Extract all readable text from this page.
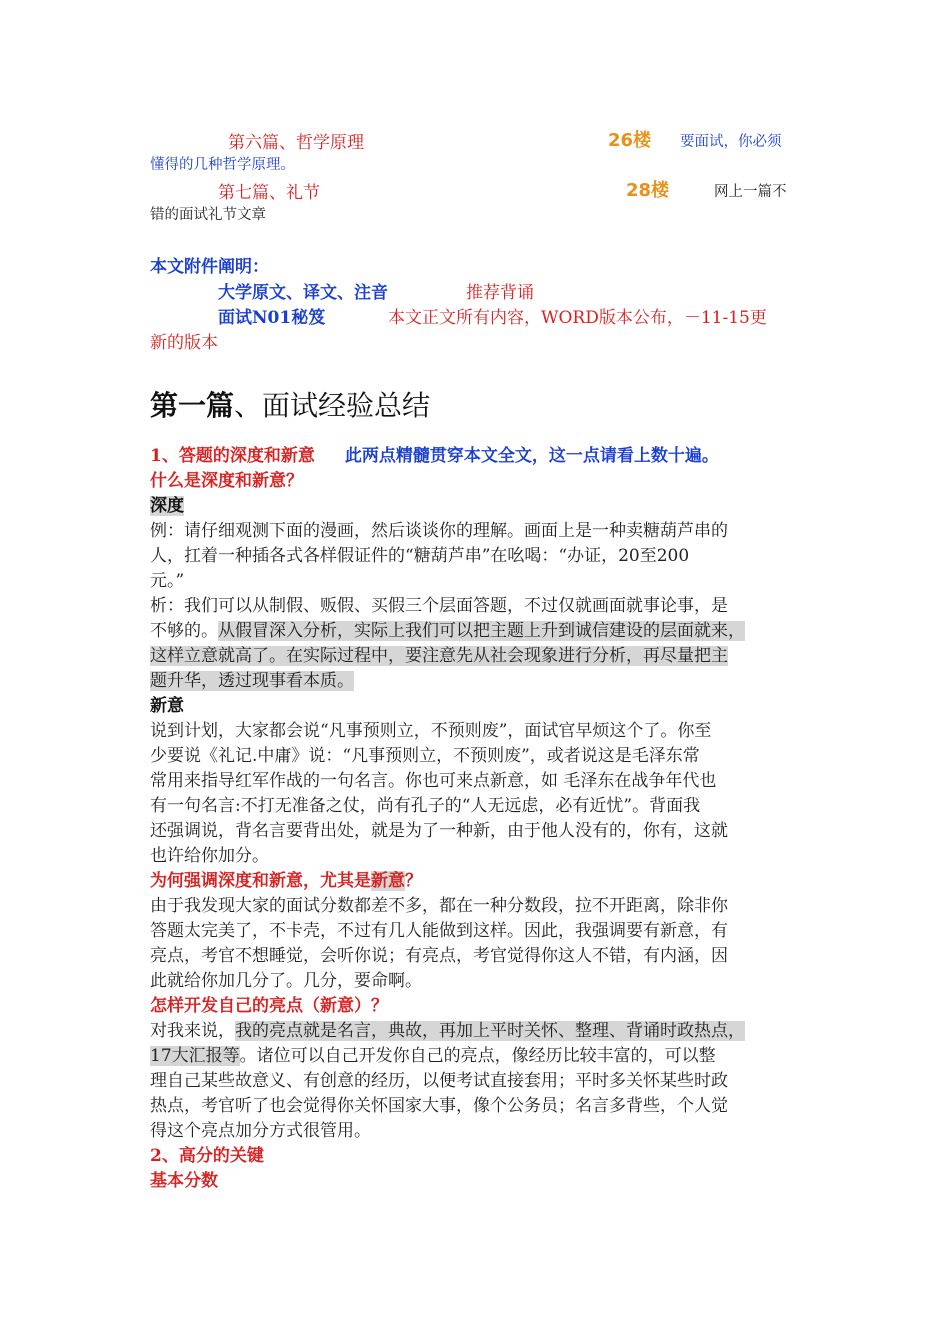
第六篇、哲学原理	26楼 要面试，你必须
懂得的几种哲学原理。
第七篇、礼节	28楼	网上一篇不
错的面试礼节文章
本文附件阐明：
大学原文、译文、注音	推荐背诵
面试N01秘笈	本文正文所有内容，WORD版本公布，－11-15更
新的版本
第一篇、面试经验总结

1、答题的深度和新意 此两点精髓贯穿本文全文，这一点请看上数十遍。

什么是深度和新意？

深度

例：请仔细观测下面的漫画，然后谈谈你的理解。画面上是一种卖糖葫芦串的

人，扛着一种插各式各样假证件的“糖葫芦串”在吆喝：“办证，20至200

元。”

析：我们可以从制假、贩假、买假三个层面答题，不过仅就画面就事论事，是

不够的。从假冒深入分析，实际上我们可以把主题上升到诚信建设的层面就来，

这样立意就高了。在实际过程中，要注意先从社会现象进行分析，再尽量把主

题升华，透过现事看本质。

新意

说到计划，大家都会说“凡事预则立，不预则废”，面试官早烦这个了。你至

少要说《礼记.中庸》说：“凡事预则立，不预则废”，或者说这是毛泽东常

常用来指导红军作战的一句名言。你也可来点新意，如 毛泽东在战争年代也

有一句名言:不打无准备之仗，尚有孔子的“人无远虑，必有近忧”。背面我

还强调说，背名言要背出处，就是为了一种新，由于他人没有的，你有，这就

也许给你加分。

为何强调深度和新意，尤其是新意？

由于我发现大家的面试分数都差不多，都在一种分数段，拉不开距离，除非你

答题太完美了，不卡壳，不过有几人能做到这样。因此，我强调要有新意，有

亮点，考官不想睡觉，会听你说；有亮点，考官觉得你这人不错，有内涵，因

此就给你加几分了。几分，要命啊。

怎样开发自己的亮点（新意）？

对我来说，我的亮点就是名言，典故，再加上平时关怀、整理、背诵时政热点，

17大汇报等。诸位可以自己开发你自己的亮点，像经历比较丰富的，可以整

理自己某些故意义、有创意的经历，以便考试直接套用；平时多关怀某些时政

热点，考官听了也会觉得你关怀国家大事，像个公务员；名言多背些，个人觉

得这个亮点加分方式很管用。

2、高分的关键

基本分数
